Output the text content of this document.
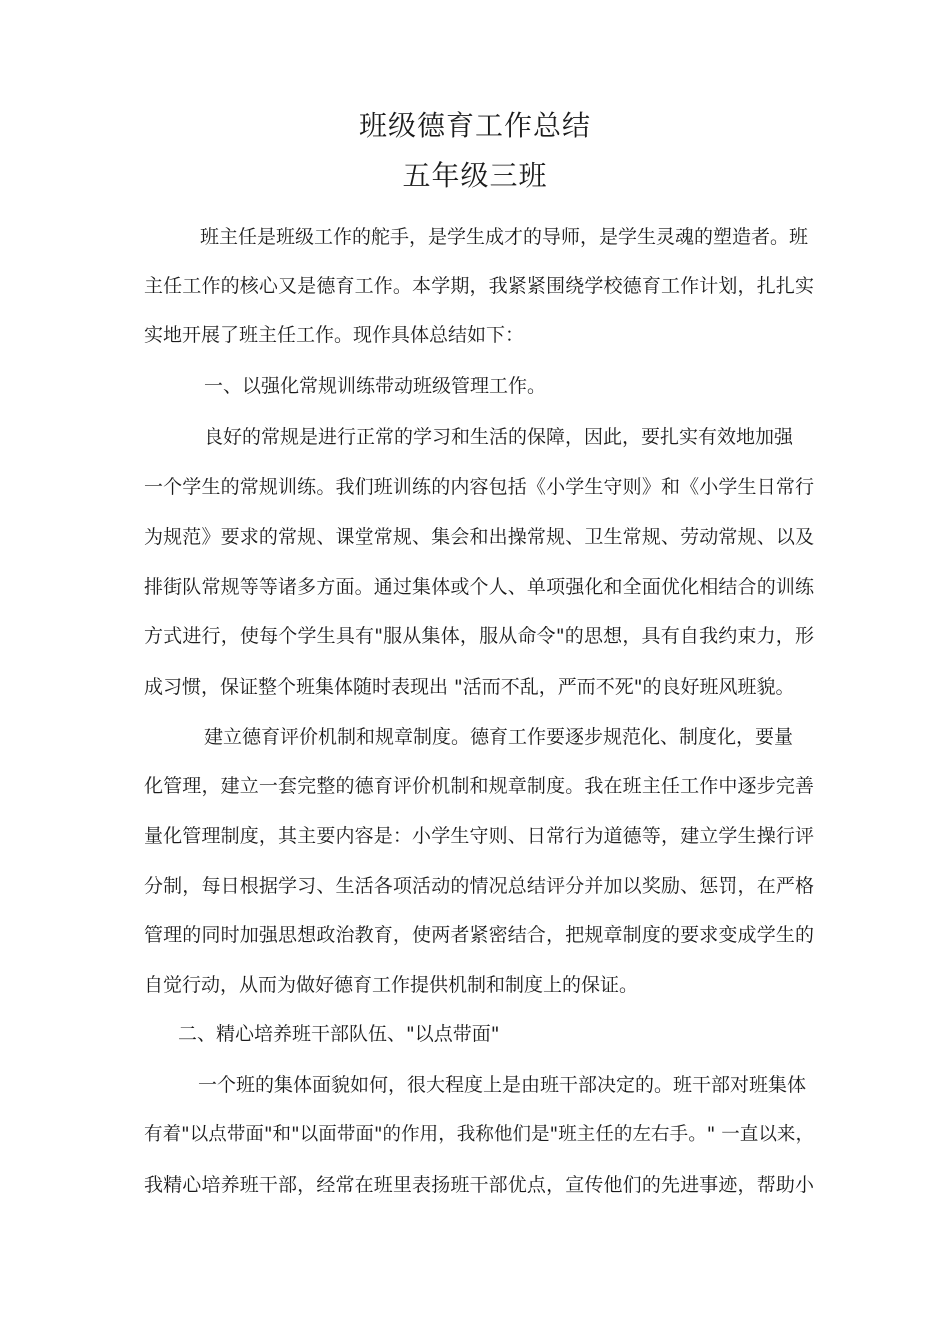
班级德育工作总结
五年级三班

班主任是班级工作的舵手，是学生成才的导师，是学生灵魂的塑造者。班

主任工作的核心又是德育工作。本学期，我紧紧围绕学校德育工作计划，扎扎实

实地开展了班主任工作。现作具体总结如下：

一、以强化常规训练带动班级管理工作。

良好的常规是进行正常的学习和生活的保障，因此，要扎实有效地加强

一个学生的常规训练。我们班训练的内容包括《小学生守则》和《小学生日常行

为规范》要求的常规、课堂常规、集会和出操常规、卫生常规、劳动常规、以及

排街队常规等等诸多方面。通过集体或个人、单项强化和全面优化相结合的训练

方式进行，使每个学生具有"服从集体，服从命令"的思想，具有自我约束力，形

成习惯，保证整个班集体随时表现出 "活而不乱，严而不死"的良好班风班貌。

建立德育评价机制和规章制度。德育工作要逐步规范化、制度化，要量

化管理，建立一套完整的德育评价机制和规章制度。我在班主任工作中逐步完善

量化管理制度，其主要内容是：小学生守则、日常行为道德等，建立学生操行评

分制，每日根据学习、生活各项活动的情况总结评分并加以奖励、惩罚，在严格

管理的同时加强思想政治教育，使两者紧密结合，把规章制度的要求变成学生的

自觉行动，从而为做好德育工作提供机制和制度上的保证。

二、精心培养班干部队伍、"以点带面"

一个班的集体面貌如何，很大程度上是由班干部决定的。班干部对班集体

有着"以点带面"和"以面带面"的作用，我称他们是"班主任的左右手。" 一直以来，

我精心培养班干部，经常在班里表扬班干部优点，宣传他们的先进事迹，帮助小
